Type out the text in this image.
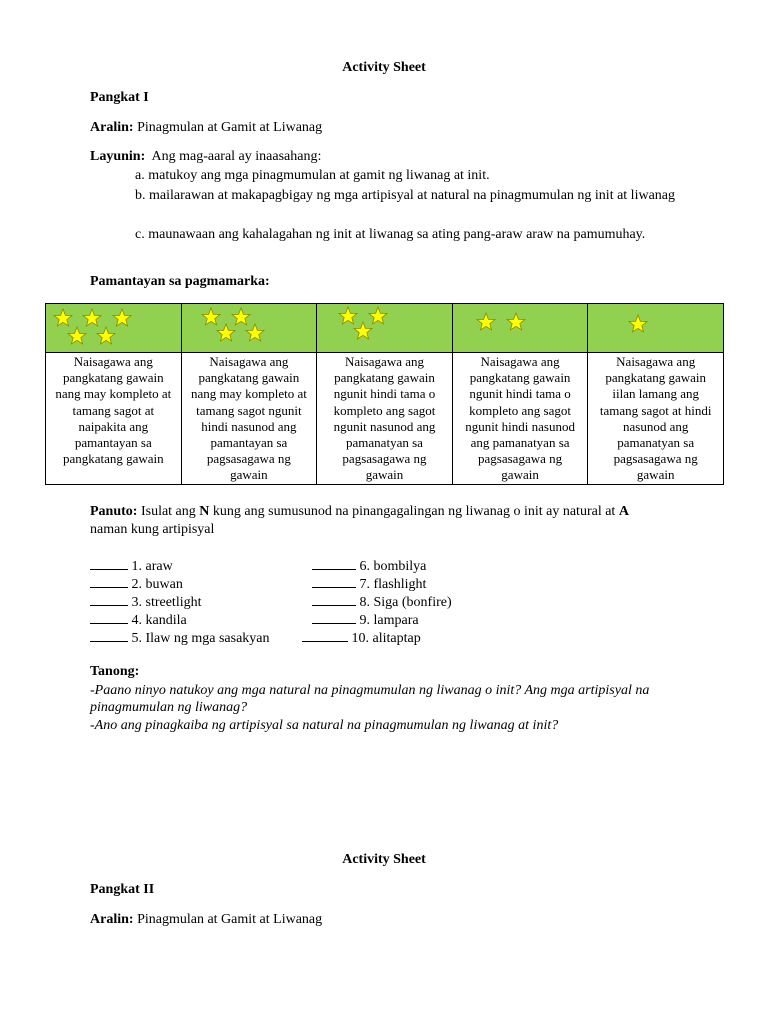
Activity Sheet
Pangkat I
Aralin: Pinagmulan at Gamit at Liwanag
Layunin: Ang mag-aaral ay inaasahang:
a. matukoy ang mga pinagmumulan at gamit ng liwanag at init.
b. mailarawan at makapagbigay ng mga artipisyal at natural na pinagmumulan ng init at liwanag
c. maunawaan ang kahalagahan ng init at liwanag sa ating pang-araw araw na pamumuhay.
Pamantayan sa pagmamarka:

Naisagawa ang pangkatang gawain nang may kompleto at tamang sagot at naipakita ang pamantayan sa pangkatang gawain	Naisagawa ang pangkatang gawain nang may kompleto at tamang sagot ngunit hindi nasunod ang pamantayan sa pagsasagawa ng gawain	Naisagawa ang pangkatang gawain ngunit hindi tama o kompleto ang sagot ngunit nasunod ang pamanatyan sa pagsasagawa ng gawain	Naisagawa ang pangkatang gawain ngunit hindi tama o kompleto ang sagot ngunit hindi nasunod ang pamanatyan sa pagsasagawa ng gawain	Naisagawa ang pangkatang gawain iilan lamang ang tamang sagot at hindi nasunod ang pamanatyan sa pagsasagawa ng gawain
Panuto: Isulat ang N kung ang sumusunod na pinangagalingan ng liwanag o init ay natural at A
naman kung artipisyal
1. araw
2. buwan
3. streetlight
4. kandila
5. Ilaw ng mga sasakyan
6. bombilya
7. flashlight
8. Siga (bonfire)
9. lampara
10. alitaptap
Tanong:
-Paano ninyo natukoy ang mga natural na pinagmumulan ng liwanag o init? Ang mga artipisyal na pinagmumulan ng liwanag?
-Ano ang pinagkaiba ng artipisyal sa natural na pinagmumulan ng liwanag at init?
Activity Sheet
Pangkat II
Aralin: Pinagmulan at Gamit at Liwanag
